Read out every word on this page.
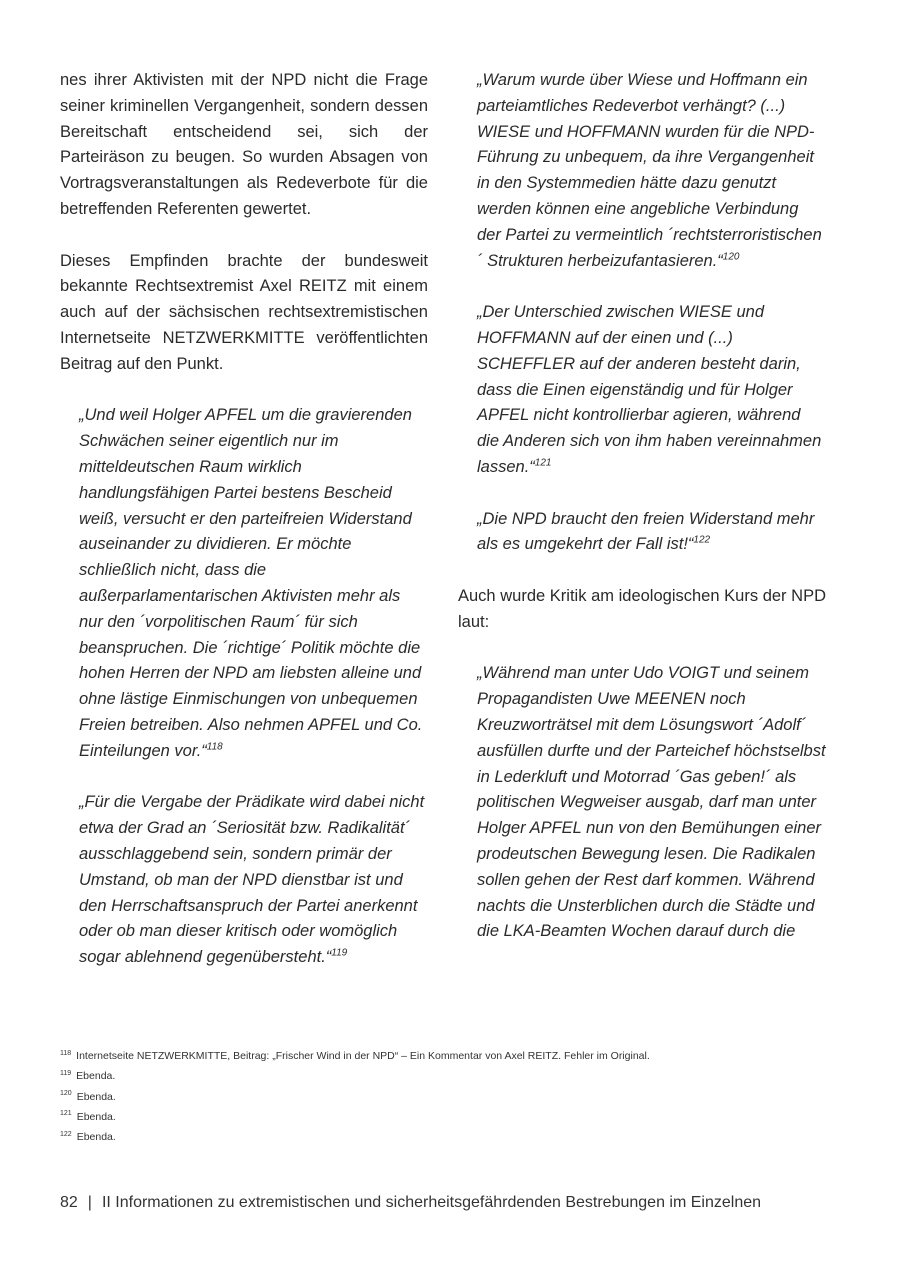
nes ihrer Aktivisten mit der NPD nicht die Frage seiner kriminellen Vergangenheit, sondern dessen Bereitschaft entscheidend sei, sich der Parteiräson zu beugen. So wurden Absagen von Vortragsveranstaltungen als Redeverbote für die betreffenden Referenten gewertet.

Dieses Empfinden brachte der bundesweit bekannte Rechtsextremist Axel REITZ mit einem auch auf der sächsischen rechtsextremistischen Internetseite NETZWERKMITTE veröffentlichten Beitrag auf den Punkt.

„Und weil Holger APFEL um die gravierenden Schwächen seiner eigentlich nur im mitteldeutschen Raum wirklich handlungsfähigen Partei bestens Bescheid weiß, versucht er den parteifreien Widerstand auseinander zu dividieren. Er möchte schließlich nicht, dass die außerparlamentarischen Aktivisten mehr als nur den ´vorpolitischen Raum´ für sich beanspruchen. Die ´richtige´ Politik möchte die hohen Herren der NPD am liebsten alleine und ohne lästige Einmischungen von unbequemen Freien betreiben. Also nehmen APFEL und Co. Einteilungen vor.“$^{118}$

„Für die Vergabe der Prädikate wird dabei nicht etwa der Grad an ´Seriosität bzw. Radikalität´ ausschlaggebend sein, sondern primär der Umstand, ob man der NPD dienstbar ist und den Herrschaftsanspruch der Partei anerkennt oder ob man dieser kritisch oder womöglich sogar ablehnend gegenübersteht.“$^{119}$

„Warum wurde über Wiese und Hoffmann ein parteiamtliches Redeverbot verhängt? (...) WIESE und HOFFMANN wurden für die NPD-Führung zu unbequem, da ihre Vergangenheit in den Systemmedien hätte dazu genutzt werden können eine angebliche Verbindung der Partei zu vermeintlich ´rechtsterroristischen´ Strukturen herbeizufantasieren.“$^{120}$

„Der Unterschied zwischen WIESE und HOFFMANN auf der einen und (...) SCHEFFLER auf der anderen besteht darin, dass die Einen eigenständig und für Holger APFEL nicht kontrollierbar agieren, während die Anderen sich von ihm haben vereinnahmen lassen.“$^{121}$

„Die NPD braucht den freien Widerstand mehr als es umgekehrt der Fall ist!“$^{122}$

Auch wurde Kritik am ideologischen Kurs der NPD laut:

„Während man unter Udo VOIGT und seinem Propagandisten Uwe MEENEN noch Kreuzworträtsel mit dem Lösungswort ´Adolf´ ausfüllen durfte und der Parteichef höchstselbst in Lederkluft und Motorrad ´Gas geben!´ als politischen Wegweiser ausgab, darf man unter Holger APFEL nun von den Bemühungen einer prodeutschen Bewegung lesen. Die Radikalen sollen gehen der Rest darf kommen. Während nachts die Unsterblichen durch die Städte und die LKA-Beamten Wochen darauf durch die

$^{118}$ Internetseite NETZWERKMITTE, Beitrag: „Frischer Wind in der NPD“ – Ein Kommentar von Axel REITZ. Fehler im Original.
$^{119}$ Ebenda.
$^{120}$ Ebenda.
$^{121}$ Ebenda.
$^{122}$ Ebenda.
82 | II Informationen zu extremistischen und sicherheitsgefährdenden Bestrebungen im Einzelnen
